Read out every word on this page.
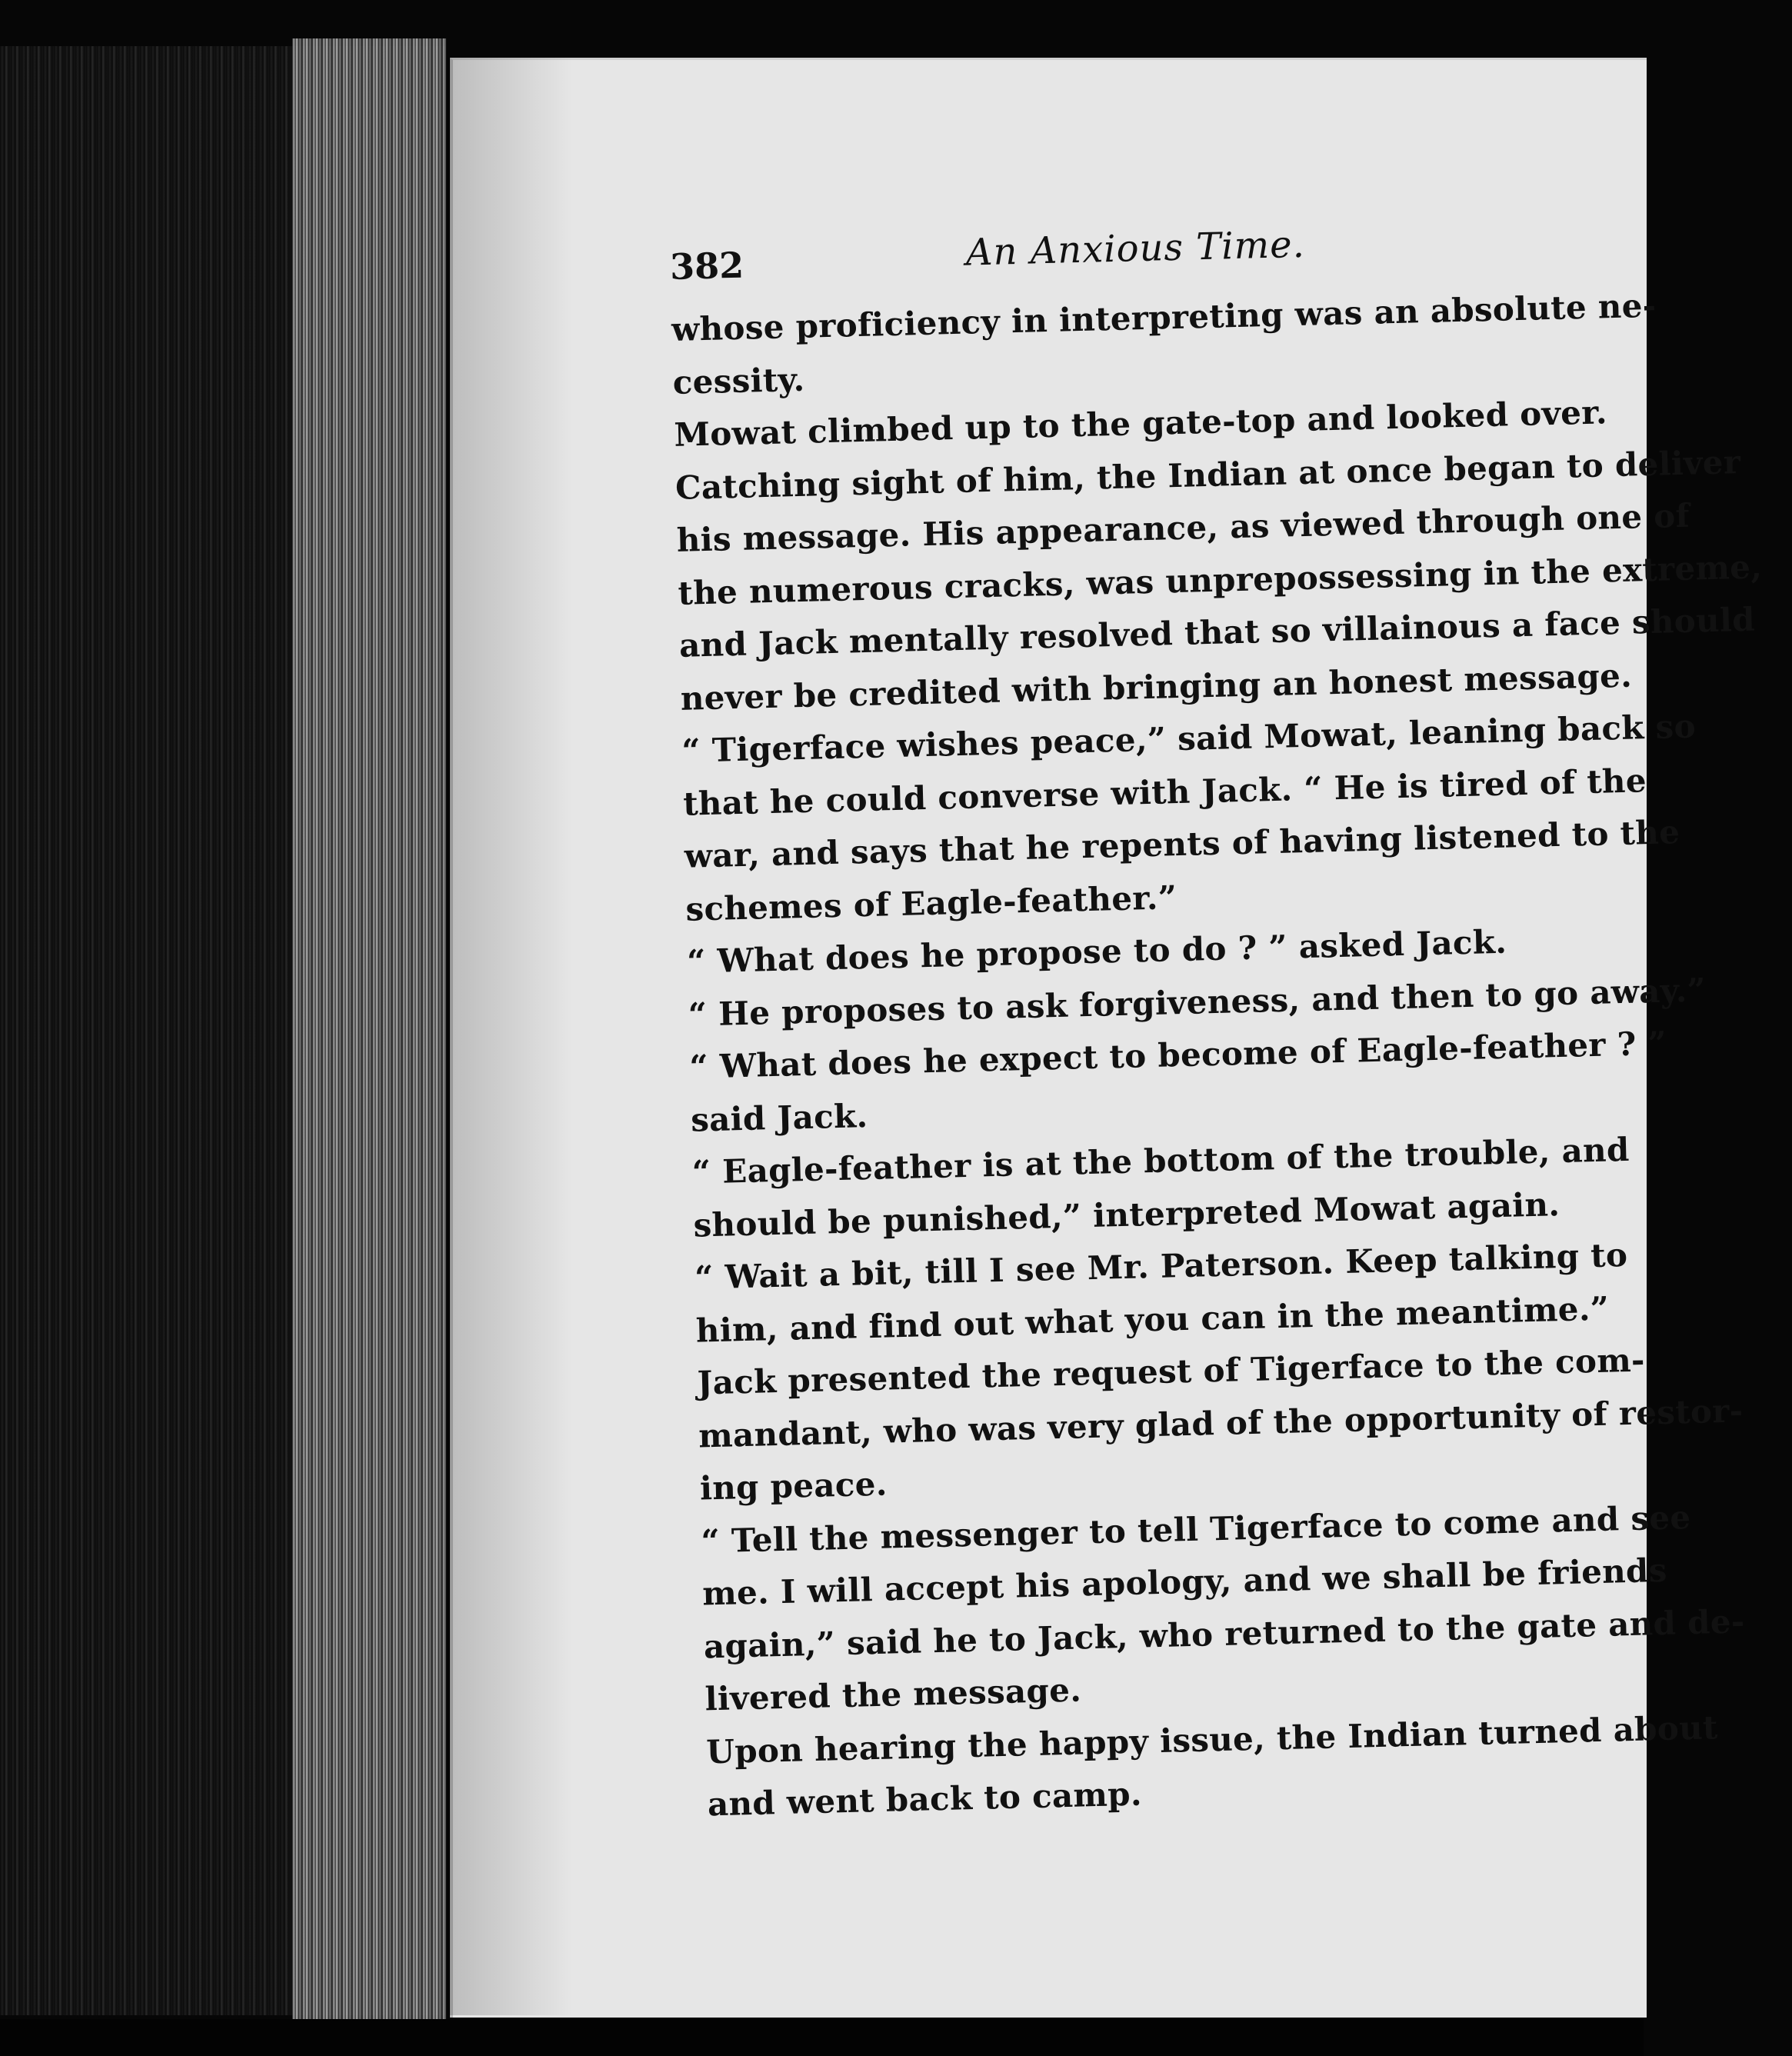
382	An Anxious Time.
whose proficiency in interpreting was an absolute ne-
cessity.
Mowat climbed up to the gate-top and looked over.
Catching sight of him, the Indian at once began to deliver
his message. His appearance, as viewed through one of
the numerous cracks, was unprepossessing in the extreme,
and Jack mentally resolved that so villainous a face should
never be credited with bringing an honest message.
“ Tigerface wishes peace,” said Mowat, leaning back so
that he could converse with Jack. “ He is tired of the
war, and says that he repents of having listened to the
schemes of Eagle-feather.”
“ What does he propose to do ? ” asked Jack.
“ He proposes to ask forgiveness, and then to go away.”
“ What does he expect to become of Eagle-feather ? ”
said Jack.
“ Eagle-feather is at the bottom of the trouble, and
should be punished,” interpreted Mowat again.
“ Wait a bit, till I see Mr. Paterson. Keep talking to
him, and find out what you can in the meantime.”
Jack presented the request of Tigerface to the com-
mandant, who was very glad of the opportunity of restor-
ing peace.
“ Tell the messenger to tell Tigerface to come and see
me. I will accept his apology, and we shall be friends
again,” said he to Jack, who returned to the gate and de-
livered the message.
Upon hearing the happy issue, the Indian turned about
and went back to camp.
